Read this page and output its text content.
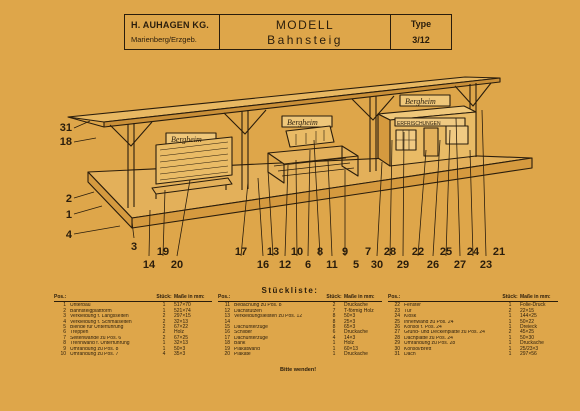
H. AUHAGEN KG.
Marienberg/Erzgeb.
MODELL
Bahnsteig
Type
3/12
Bergheim
Bergheim
Bergheim
ERFRISCHUNGEN
31
18
2
1
4
3
14
19
20
17
16
13
12
10
6
8
11
9
5
7
30
28
29
22
26
25
27
24
23
21
Stückliste:
Pos.:	Stück: Maße in mm:
1 Unterbau	1	517×70
2 Bahnsteigplattform	1	521×74
3 Verkleidung f. Längsseiten	2	297×15
4 Verkleidung f. Schmalseiten	2	32×13
5 Blende für Unterführung	2	67×22
6 Treppen	2	Holz
7 Seitenwände zu Pos. 6	2	67×25
8 Trennwand f. Unterführung	1	32×13
9 Umrandung zu Pos. 8	1	50×3
10 Umrandung zu Pos. 7	4	35×3
Pos.:	Stück: Maße in mm:
11 Bedachung zu Pos. 8	2	Druckache
12 Dachstützen	7	T-förmig Holz
13 Verkleidungsleisten zu Pos. 12	8	50×3
14	8	25×3
15 Dachunterzüge	8	65×3
16 Schilder	6	Druckache
17 Dachunterzüge	4	14×3
18 Bank	1	Holz
19 Plakatwand	1	60×13
20 Plakate	1	Druckache
Pos.:	Stück: Maße in mm:
22 Fenster	1	Folie-Druck
23 Tür	2	22×15
24 Kiosk	1	144×25
25 Innenwand zu Pos. 24	1	50×22
26 Konsol f. Pos. 24	1	Dreieck
27 Grund- und Deckenplatte zu Pos. 24	2	45×25
28 Dachplatte zu Pos. 24	1	50×30
29 Umrandung zu Pos. 28	1	Druckache
30 Konsol/Brett	1	25/23×3
31 Dach	1	297×56
Bitte wenden!
